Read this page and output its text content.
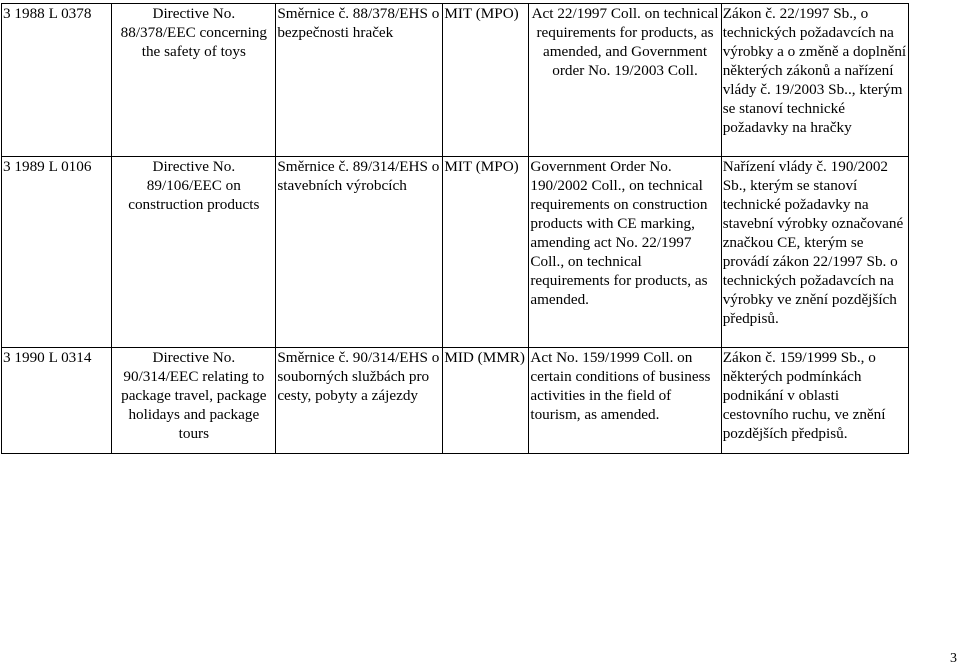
3 1988 L 0378	Directive No. 88/378/EEC concerning the safety of toys	Směrnice č. 88/378/EHS o bezpečnosti hraček	MIT (MPO)	Act 22/1997 Coll. on technical requirements for products, as amended, and Government order No. 19/2003 Coll.	Zákon č. 22/1997 Sb., o technických požadavcích na výrobky a o změně a doplnění některých zákonů a nařízení vlády č. 19/2003 Sb.., kterým se stanoví technické požadavky na hračky
3 1989 L 0106	Directive No. 89/106/EEC on construction products	Směrnice č. 89/314/EHS o stavebních výrobcích	MIT (MPO)	Government Order No. 190/2002 Coll., on technical requirements on construction products with CE marking, amending act No. 22/1997 Coll., on technical requirements for products, as amended.	Nařízení vlády č. 190/2002 Sb., kterým se stanoví technické požadavky na stavební výrobky označované značkou CE, kterým se provádí zákon 22/1997 Sb. o technických požadavcích na výrobky ve znění pozdějších předpisů.
3 1990 L 0314	Directive No. 90/314/EEC relating to package travel, package holidays and package tours	Směrnice č. 90/314/EHS o souborných službách pro cesty, pobyty a zájezdy	MID (MMR)	Act No. 159/1999 Coll. on certain conditions of business activities in the field of tourism, as amended.	Zákon č. 159/1999 Sb., o některých podmínkách podnikání v oblasti cestovního ruchu, ve znění pozdějších předpisů.
3
